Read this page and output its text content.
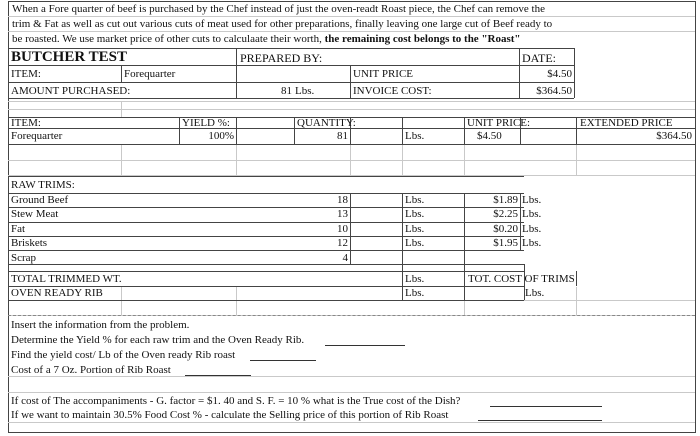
When a Fore quarter of beef is purchased by the Chef instead of just the oven-readt Roast piece, the Chef can remove the
trim & Fat as well as cut out various cuts of meat used for other preparations, finally leaving one large cut of Beef ready to
be roasted. We use market price of other cuts to calculaate their worth, the remaining cost belongs to the "Roast"
BUTCHER TEST	PREPARED BY:	DATE:
ITEM:	Forequarter	UNIT PRICE	$4.50
AMOUNT PURCHASED:	81 Lbs.	INVOICE COST:	$364.50
ITEM:	YIELD %:	QUANTITY:	UNIT PRICE:	EXTENDED PRICE
Forequarter	100%	81	Lbs.	$4.50	$364.50
RAW TRIMS:
Ground Beef	18	Lbs.	$1.89 Lbs.
Stew Meat	13	Lbs.	$2.25 Lbs.
Fat	10	Lbs.	$0.20 Lbs.
Briskets	12	Lbs.	$1.95 Lbs.
Scrap	4
TOTAL TRIMMED WT.	Lbs.	TOT. COST OF TRIMS
OVEN READY RIB	Lbs.	Lbs.
Insert the information from the problem.
Determine the Yield % for each raw trim and the Oven Ready Rib.
Find the yield cost/ Lb of the Oven ready Rib roast
Cost of a 7 Oz. Portion of Rib Roast
If cost of The accompaniments - G. factor = $1. 40 and S. F. = 10 % what is the True cost of the Dish?
If we want to maintain 30.5% Food Cost % - calculate the Selling price of this portion of Rib Roast
